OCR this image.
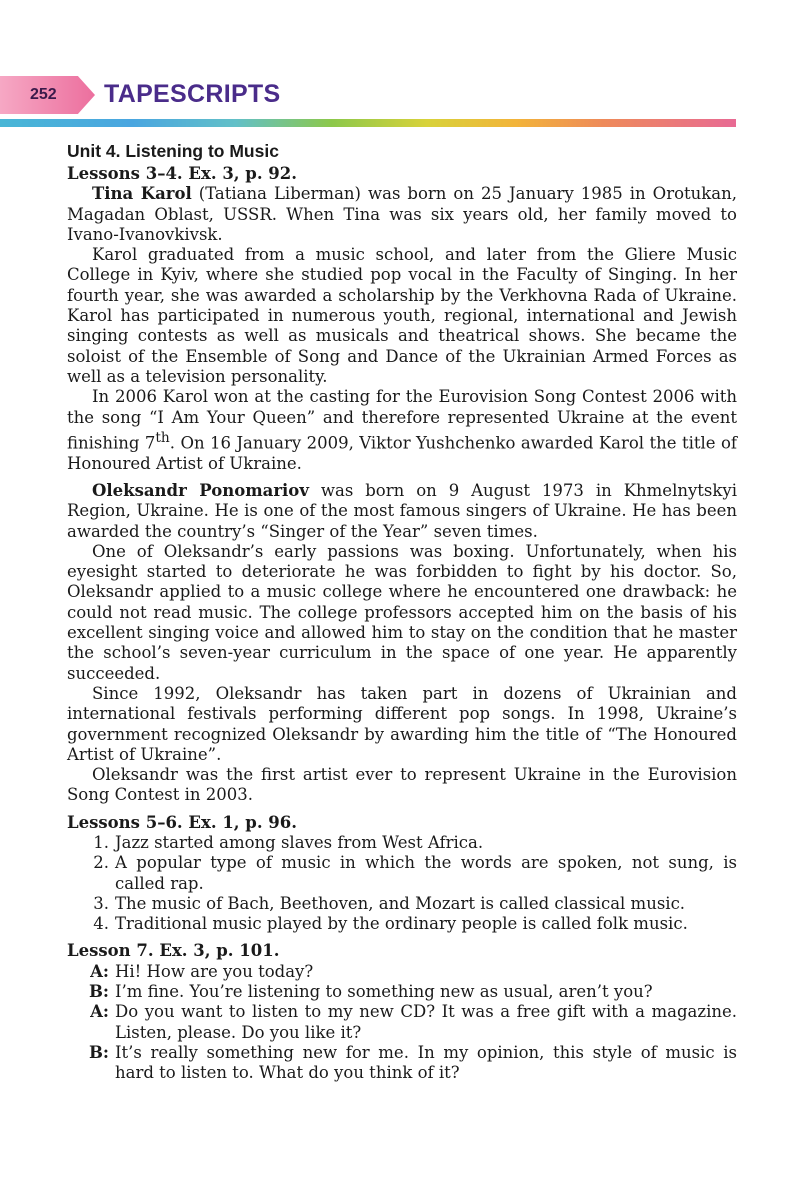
252 TAPESCRIPTS
Unit 4. Listening to Music
Lessons 3–4. Ex. 3, p. 92.

Tina Karol (Tatiana Liberman) was born on 25 January 1985 in Orotukan, Magadan Oblast, USSR. When Tina was six years old, her family moved to Ivano-Ivanovkivsk.

Karol graduated from a music school, and later from the Gliere Music College in Kyiv, where she studied pop vocal in the Faculty of Singing. In her fourth year, she was awarded a scholarship by the Verkhovna Rada of Ukraine. Karol has participated in numerous youth, regional, international and Jewish singing contests as well as musicals and theatrical shows. She became the soloist of the Ensemble of Song and Dance of the Ukrainian Armed Forces as well as a television personality.

In 2006 Karol won at the casting for the Eurovision Song Contest 2006 with the song “I Am Your Queen” and therefore represented Ukraine at the event finishing 7th. On 16 January 2009, Viktor Yushchenko awarded Karol the title of Honoured Artist of Ukraine.

Oleksandr Ponomariov was born on 9 August 1973 in Khmelnytskyi Region, Ukraine. He is one of the most famous singers of Ukraine. He has been awarded the country’s “Singer of the Year” seven times.

One of Oleksandr’s early passions was boxing. Unfortunately, when his eyesight started to deteriorate he was forbidden to fight by his doctor. So, Oleksandr applied to a music college where he encountered one drawback: he could not read music. The college professors accepted him on the basis of his excellent singing voice and allowed him to stay on the condition that he master the school’s seven-year curriculum in the space of one year. He apparently succeeded.

Since 1992, Oleksandr has taken part in dozens of Ukrainian and international festivals performing different pop songs. In 1998, Ukraine’s government recognized Oleksandr by awarding him the title of “The Honoured Artist of Ukraine”.

Oleksandr was the first artist ever to represent Ukraine in the Eurovision Song Contest in 2003.

Lessons 5–6. Ex. 1, p. 96.
1. Jazz started among slaves from West Africa.
2. A popular type of music in which the words are spoken, not sung, is called rap.
3. The music of Bach, Beethoven, and Mozart is called classical music.
4. Traditional music played by the ordinary people is called folk music.
Lesson 7. Ex. 3, p. 101.
A: Hi! How are you today?
B: I’m fine. You’re listening to something new as usual, aren’t you?
A: Do you want to listen to my new CD? It was a free gift with a magazine. Listen, please. Do you like it?
B: It’s really something new for me. In my opinion, this style of music is hard to listen to. What do you think of it?
